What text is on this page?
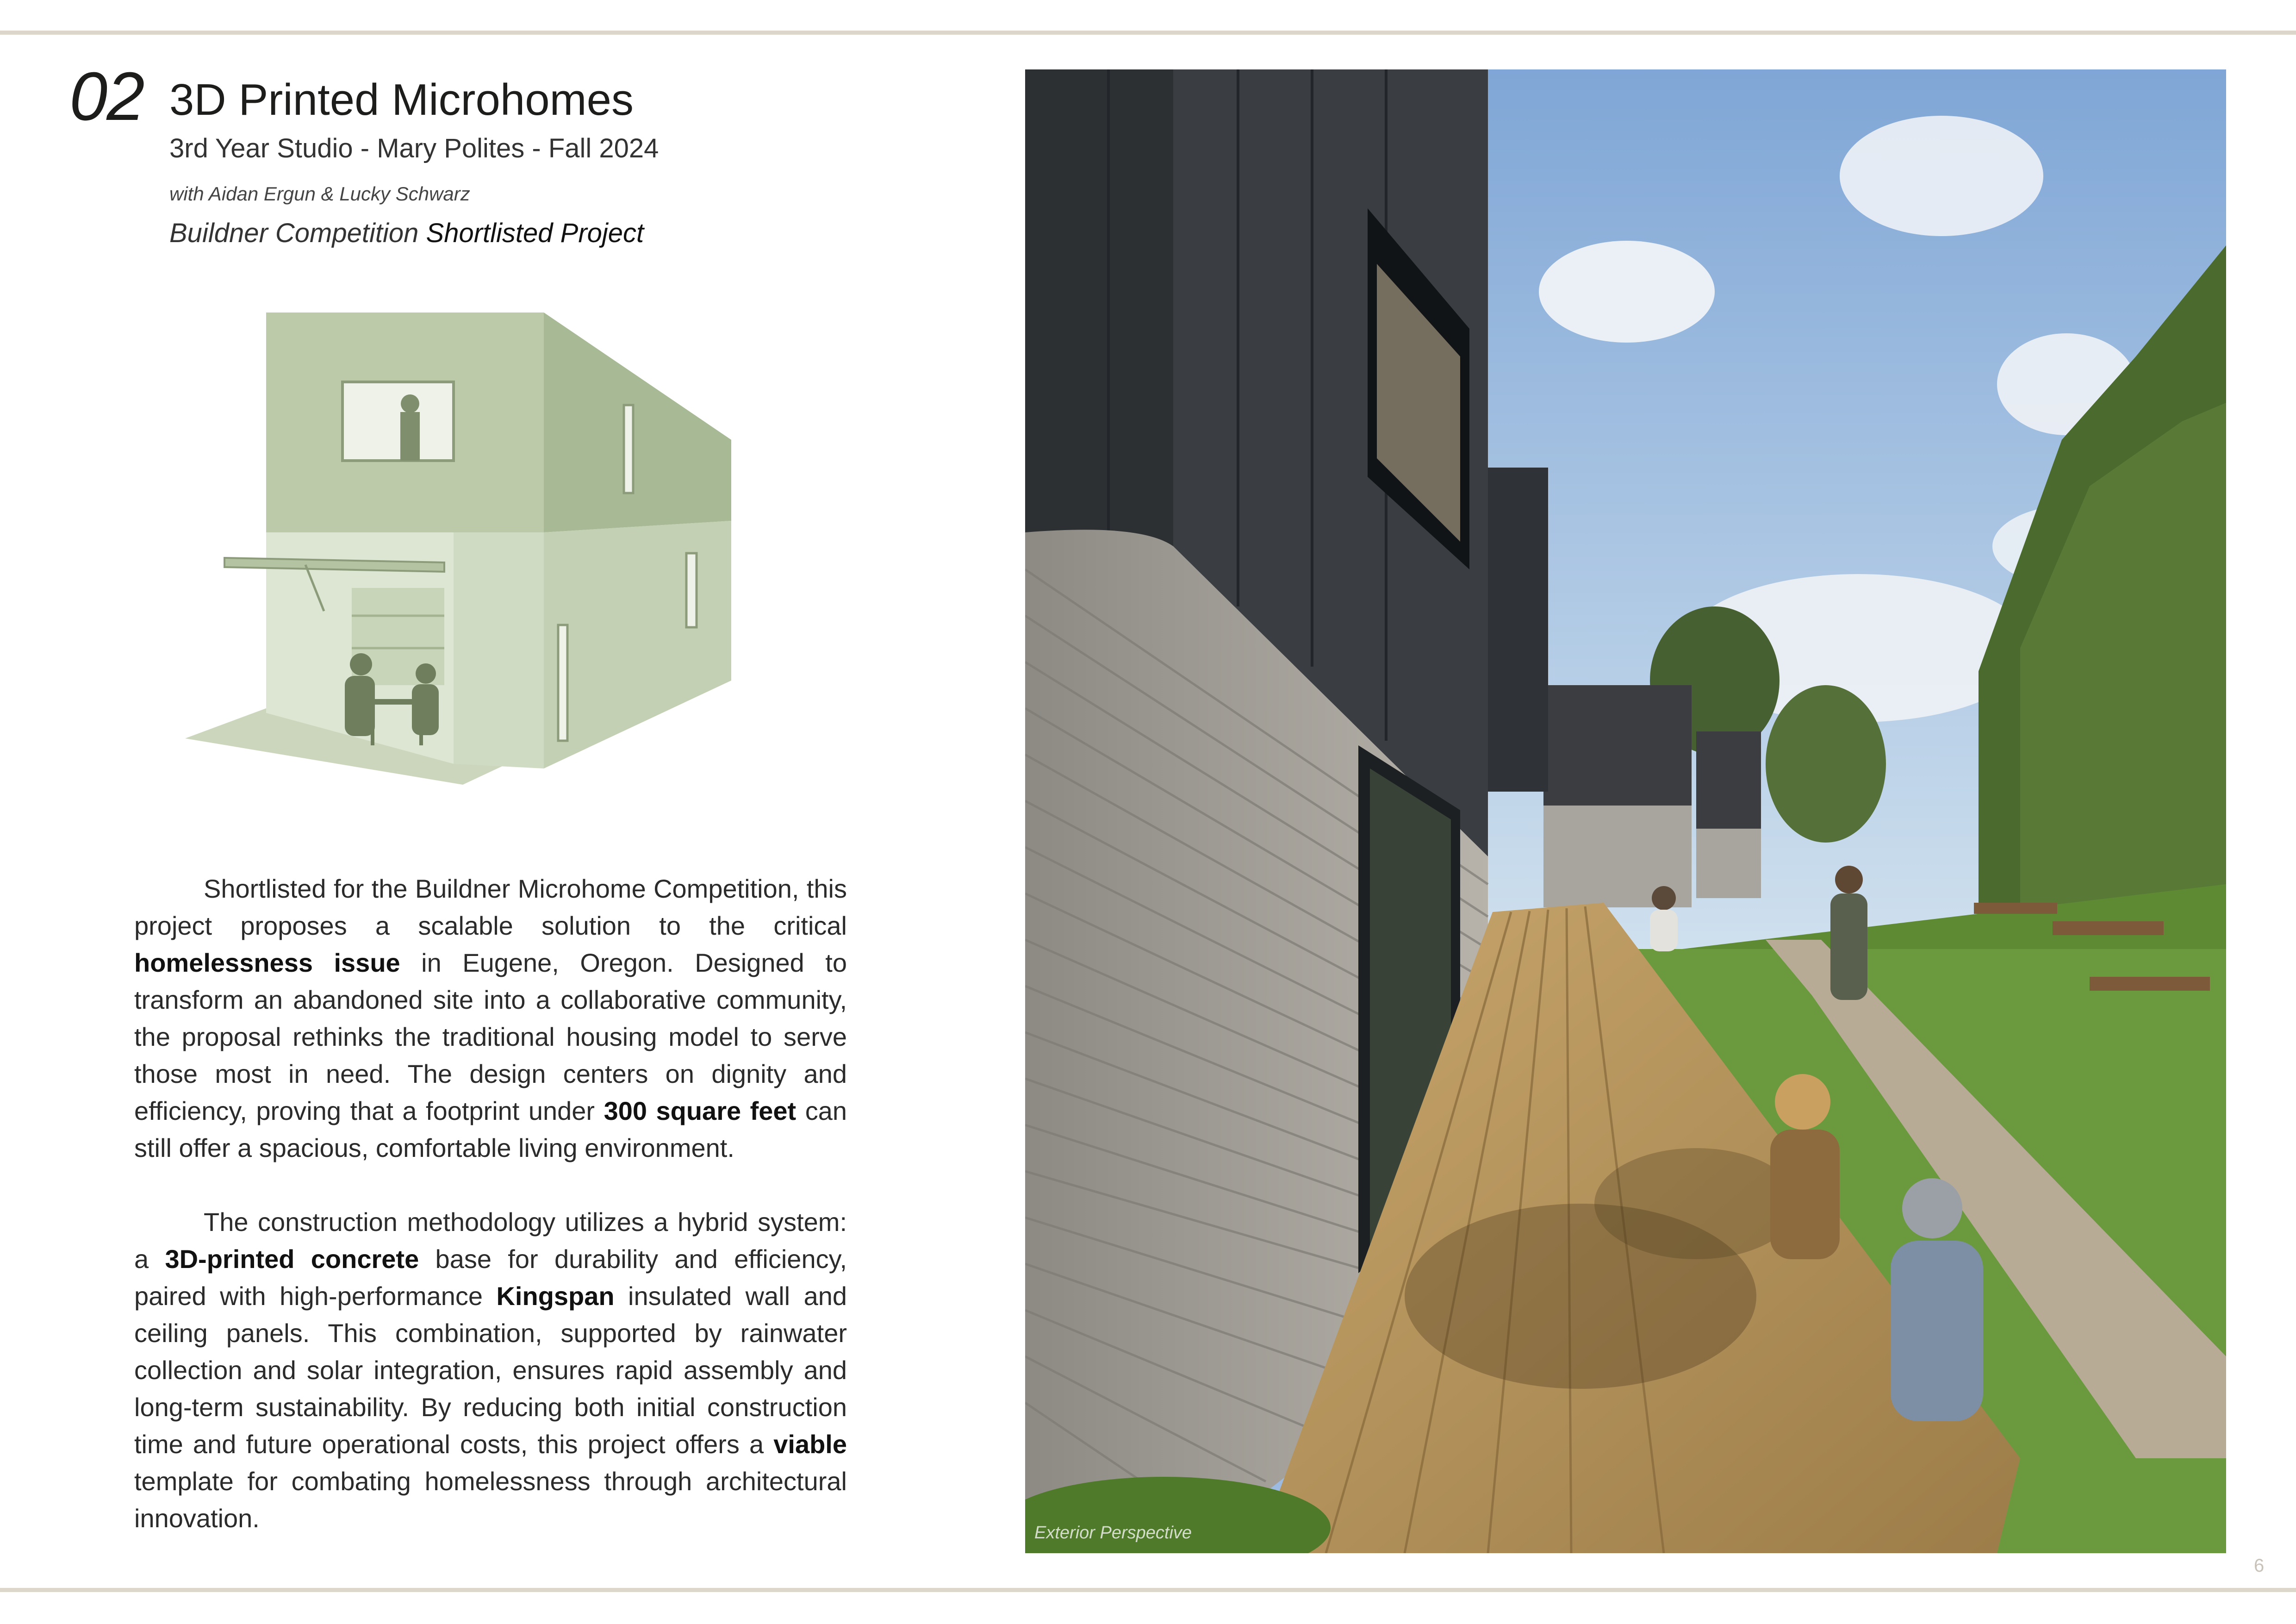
02 3D Printed Microhomes
3rd Year Studio - Mary Polites - Fall 2024
with Aidan Ergun & Lucky Schwarz
Buildner Competition Shortlisted Project

Shortlisted for the Buildner Microhome Competition, this project proposes a scalable solution to the critical homelessness issue in Eugene, Oregon. Designed to transform an abandoned site into a collaborative community, the proposal rethinks the traditional housing model to serve those most in need. The design centers on dignity and efficiency, proving that a footprint under 300 square feet can still offer a spacious, comfortable living environment.

The construction methodology utilizes a hybrid system: a 3D-printed concrete base for durability and efficiency, paired with high-performance Kingspan insulated wall and ceiling panels. This combination, supported by rainwater collection and solar integration, ensures rapid assembly and long-term sustainability. By reducing both initial construction time and future operational costs, this project offers a viable template for combating homelessness through architectural innovation.	Exterior Perspective
6
